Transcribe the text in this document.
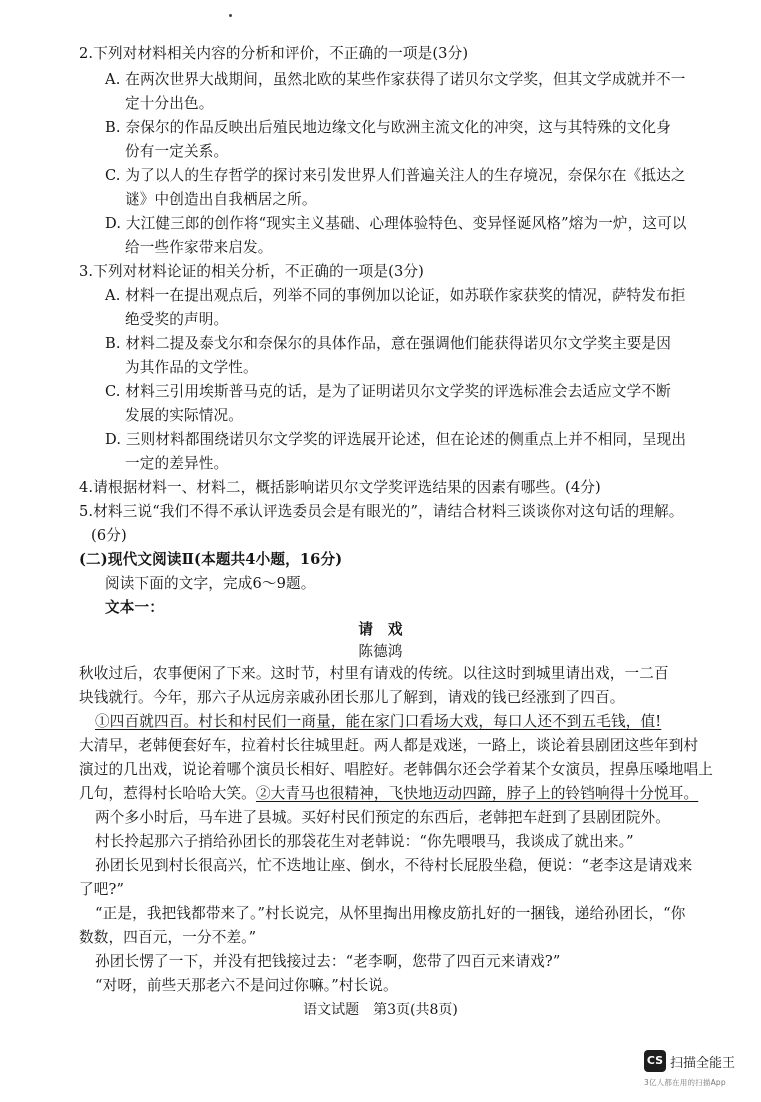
2.下列对材料相关内容的分析和评价，不正确的一项是(3分)
A. 在两次世界大战期间，虽然北欧的某些作家获得了诺贝尔文学奖，但其文学成就并不一
定十分出色。
B. 奈保尔的作品反映出后殖民地边缘文化与欧洲主流文化的冲突，这与其特殊的文化身
份有一定关系。
C. 为了以人的生存哲学的探讨来引发世界人们普遍关注人的生存境况，奈保尔在《抵达之
谜》中创造出自我栖居之所。
D. 大江健三郎的创作将“现实主义基础、心理体验特色、变异怪诞风格”熔为一炉，这可以
给一些作家带来启发。
3.下列对材料论证的相关分析，不正确的一项是(3分)
A. 材料一在提出观点后，列举不同的事例加以论证，如苏联作家获奖的情况，萨特发布拒
绝受奖的声明。
B. 材料二提及泰戈尔和奈保尔的具体作品，意在强调他们能获得诺贝尔文学奖主要是因
为其作品的文学性。
C. 材料三引用埃斯普马克的话，是为了证明诺贝尔文学奖的评选标准会去适应文学不断
发展的实际情况。
D. 三则材料都围绕诺贝尔文学奖的评选展开论述，但在论述的侧重点上并不相同，呈现出
一定的差异性。
4.请根据材料一、材料二，概括影响诺贝尔文学奖评选结果的因素有哪些。(4分)
5.材料三说“我们不得不承认评选委员会是有眼光的”，请结合材料三谈谈你对这句话的理解。
(6分)
(二)现代文阅读Ⅱ(本题共4小题，16分)
阅读下面的文字，完成6～9题。
文本一：
请　戏
陈德鸿
秋收过后，农事便闲了下来。这时节，村里有请戏的传统。以往这时到城里请出戏，一二百
块钱就行。今年，那六子从远房亲戚孙团长那儿了解到，请戏的钱已经涨到了四百。
①四百就四百。村长和村民们一商量，能在家门口看场大戏，每口人还不到五毛钱，值!
大清早，老韩便套好车，拉着村长往城里赶。两人都是戏迷，一路上，谈论着县剧团这些年到村
演过的几出戏，说论着哪个演员长相好、唱腔好。老韩偶尔还会学着某个女演员，捏鼻压嗓地唱上
几句，惹得村长哈哈大笑。②大青马也很精神，飞快地迈动四蹄，脖子上的铃铛响得十分悦耳。
两个多小时后，马车进了县城。买好村民们预定的东西后，老韩把车赶到了县剧团院外。
村长拎起那六子捎给孙团长的那袋花生对老韩说：“你先喂喂马，我谈成了就出来。”
孙团长见到村长很高兴，忙不迭地让座、倒水，不待村长屁股坐稳，便说：“老李这是请戏来
了吧?”
“正是，我把钱都带来了。”村长说完，从怀里掏出用橡皮筋扎好的一捆钱，递给孙团长，“你
数数，四百元，一分不差。”
孙团长愣了一下，并没有把钱接过去：“老李啊，您带了四百元来请戏?”
“对呀，前些天那老六不是问过你嘛。”村长说。
语文试题　第3页(共8页)
CS 扫描全能王
3亿人都在用的扫描App
